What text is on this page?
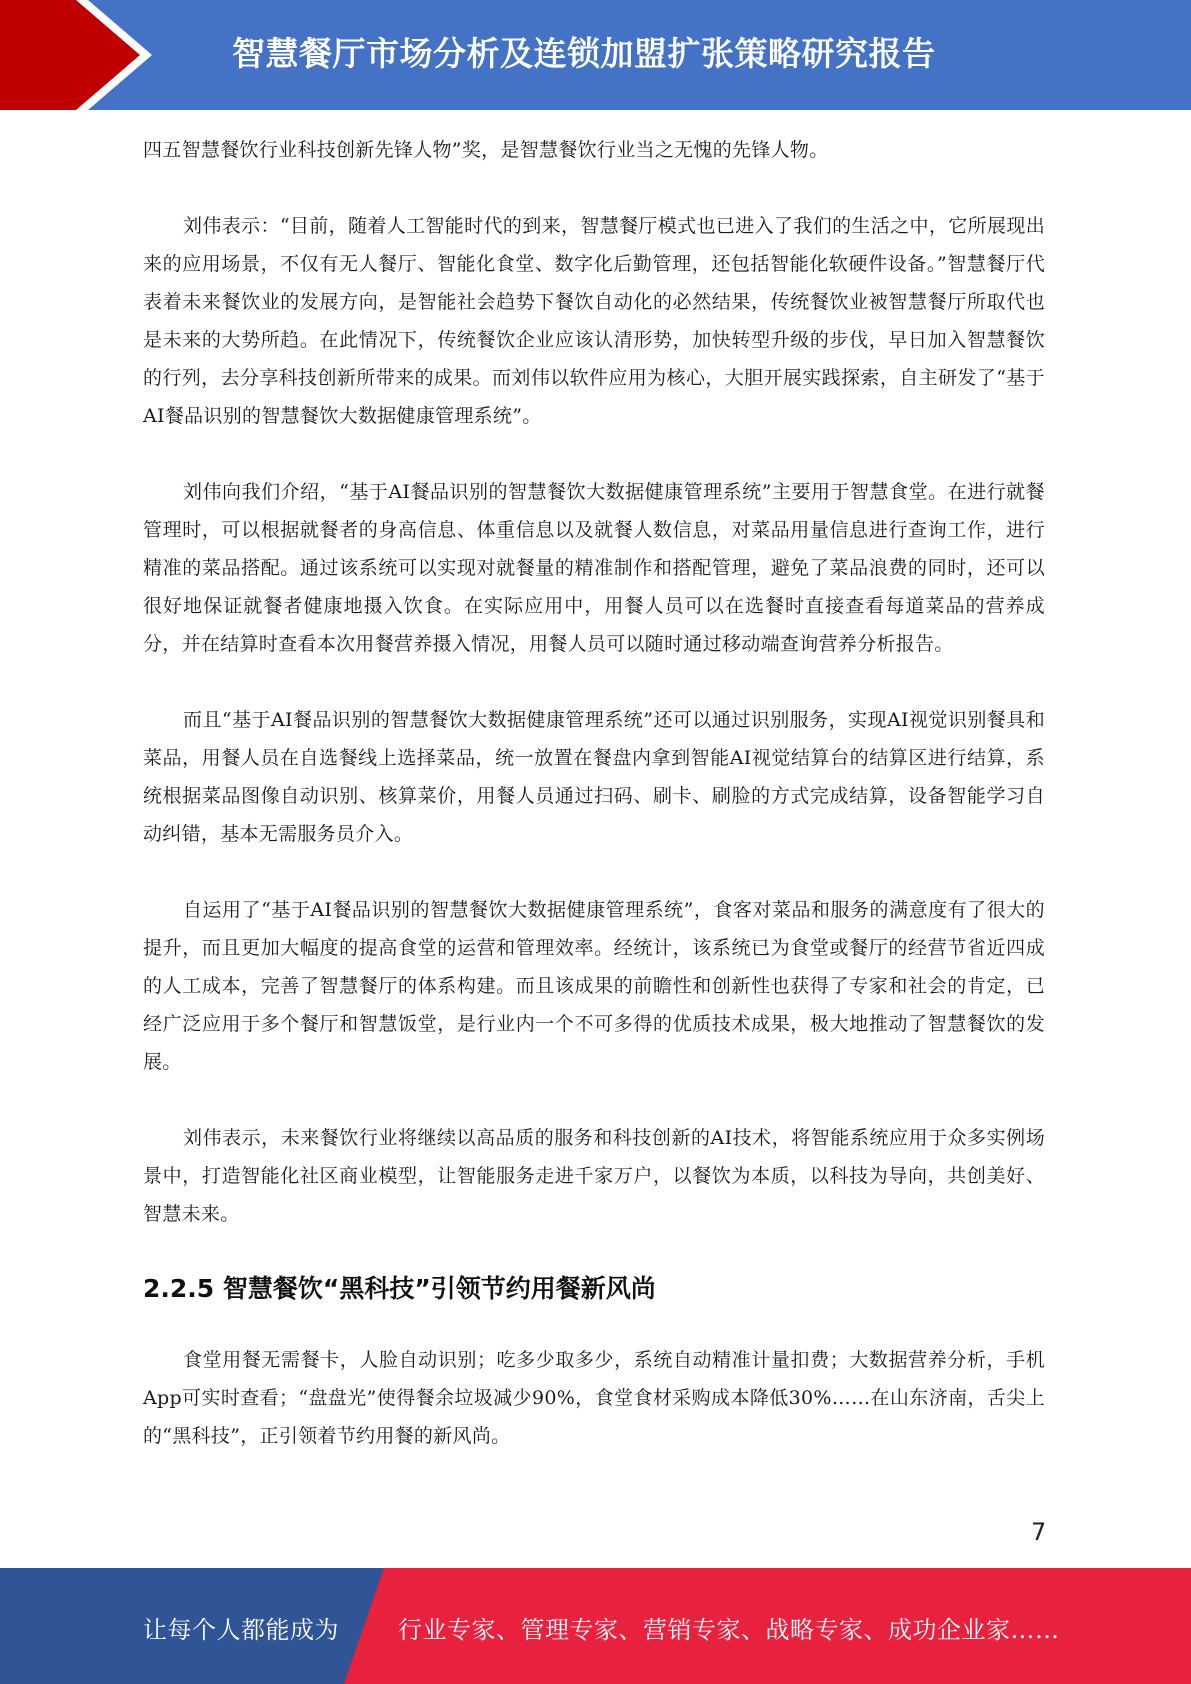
智慧餐厅市场分析及连锁加盟扩张策略研究报告

四五智慧餐饮行业科技创新先锋人物”奖，是智慧餐饮行业当之无愧的先锋人物。

刘伟表示：“目前，随着人工智能时代的到来，智慧餐厅模式也已进入了我们的生活之中，它所展现出来的应用场景，不仅有无人餐厅、智能化食堂、数字化后勤管理，还包括智能化软硬件设备。”智慧餐厅代表着未来餐饮业的发展方向，是智能社会趋势下餐饮自动化的必然结果，传统餐饮业被智慧餐厅所取代也是未来的大势所趋。在此情况下，传统餐饮企业应该认清形势，加快转型升级的步伐，早日加入智慧餐饮的行列，去分享科技创新所带来的成果。而刘伟以软件应用为核心，大胆开展实践探索，自主研发了“基于AI餐品识别的智慧餐饮大数据健康管理系统”。

刘伟向我们介绍，“基于AI餐品识别的智慧餐饮大数据健康管理系统”主要用于智慧食堂。在进行就餐管理时，可以根据就餐者的身高信息、体重信息以及就餐人数信息，对菜品用量信息进行查询工作，进行精准的菜品搭配。通过该系统可以实现对就餐量的精准制作和搭配管理，避免了菜品浪费的同时，还可以很好地保证就餐者健康地摄入饮食。在实际应用中，用餐人员可以在选餐时直接查看每道菜品的营养成分，并在结算时查看本次用餐营养摄入情况，用餐人员可以随时通过移动端查询营养分析报告。

而且“基于AI餐品识别的智慧餐饮大数据健康管理系统”还可以通过识别服务，实现AI视觉识别餐具和菜品，用餐人员在自选餐线上选择菜品，统一放置在餐盘内拿到智能AI视觉结算台的结算区进行结算，系统根据菜品图像自动识别、核算菜价，用餐人员通过扫码、刷卡、刷脸的方式完成结算，设备智能学习自动纠错，基本无需服务员介入。

自运用了“基于AI餐品识别的智慧餐饮大数据健康管理系统”，食客对菜品和服务的满意度有了很大的提升，而且更加大幅度的提高食堂的运营和管理效率。经统计，该系统已为食堂或餐厅的经营节省近四成的人工成本，完善了智慧餐厅的体系构建。而且该成果的前瞻性和创新性也获得了专家和社会的肯定，已经广泛应用于多个餐厅和智慧饭堂，是行业内一个不可多得的优质技术成果，极大地推动了智慧餐饮的发展。

刘伟表示，未来餐饮行业将继续以高品质的服务和科技创新的AI技术，将智能系统应用于众多实例场景中，打造智能化社区商业模型，让智能服务走进千家万户，以餐饮为本质，以科技为导向，共创美好、智慧未来。

2.2.5 智慧餐饮“黑科技”引领节约用餐新风尚

食堂用餐无需餐卡，人脸自动识别；吃多少取多少，系统自动精准计量扣费；大数据营养分析，手机App可实时查看；“盘盘光”使得餐余垃圾减少90%，食堂食材采购成本降低30%……在山东济南，舌尖上的“黑科技”，正引领着节约用餐的新风尚。

7
让每个人都能成为 行业专家、管理专家、营销专家、战略专家、成功企业家……
